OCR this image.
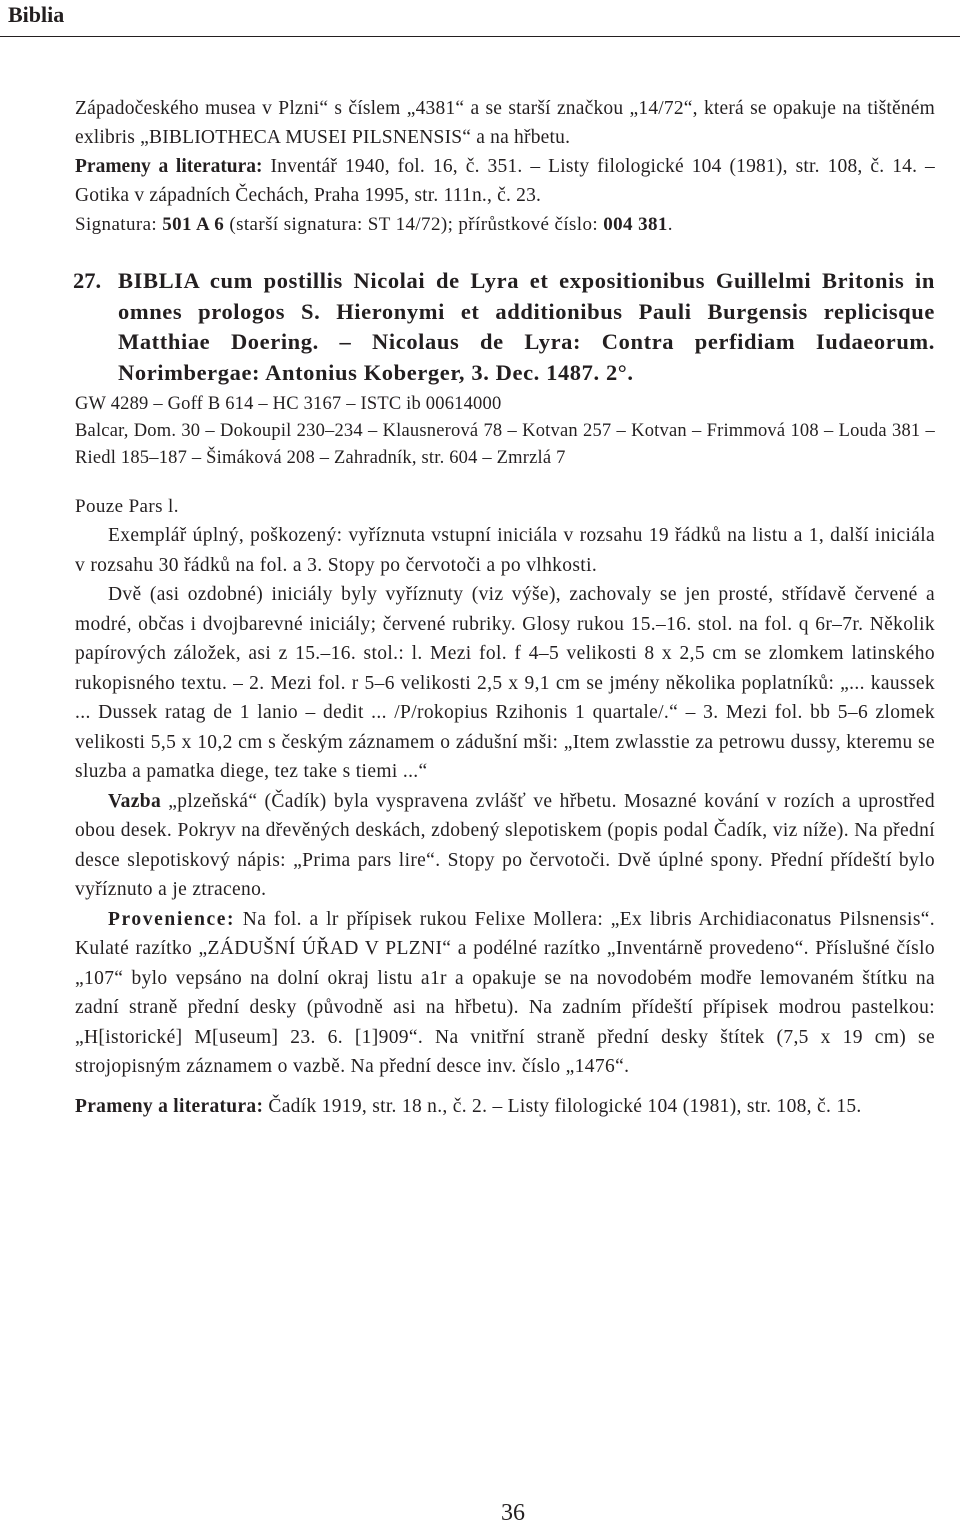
Biblia

Západočeského musea v Plzni“ s číslem „4381“ a se starší značkou „14/72“, která se opakuje na tištěném exlibris „BIBLIOTHECA MUSEI PILSNENSIS“ a na hřbetu.

Prameny a literatura: Inventář 1940, fol. 16, č. 351. – Listy filologické 104 (1981), str. 108, č. 14. – Gotika v západních Čechách, Praha 1995, str. 111n., č. 23.

Signatura: 501 A 6 (starší signatura: ST 14/72); přírůstkové číslo: 004 381.

27. BIBLIA cum postillis Nicolai de Lyra et expositionibus Guillelmi Britonis in omnes prologos S. Hieronymi et additionibus Pauli Burgensis replicisque Matthiae Doering. – Nicolaus de Lyra: Contra perfidiam Iudaeorum. Norimbergae: Antonius Koberger, 3. Dec. 1487. 2°.

GW 4289 – Goff B 614 – HC 3167 – ISTC ib 00614000

Balcar, Dom. 30 – Dokoupil 230–234 – Klausnerová 78 – Kotvan 257 – Kotvan – Frimmová 108 – Louda 381 – Riedl 185–187 – Šimáková 208 – Zahradník, str. 604 – Zmrzlá 7

Pouze Pars l.

Exemplář úplný, poškozený: vyříznuta vstupní iniciála v rozsahu 19 řádků na listu a 1, další iniciála v rozsahu 30 řádků na fol. a 3. Stopy po červotoči a po vlhkosti.

Dvě (asi ozdobné) iniciály byly vyříznuty (viz výše), zachovaly se jen prosté, střídavě červené a modré, občas i dvojbarevné iniciály; červené rubriky. Glosy rukou 15.–16. stol. na fol. q 6r–7r. Několik papírových záložek, asi z 15.–16. stol.: l. Mezi fol. f 4–5 velikosti 8 x 2,5 cm se zlomkem latinského rukopisného textu. – 2. Mezi fol. r 5–6 velikosti 2,5 x 9,1 cm se jmény několika poplatníků: „... kaussek ... Dussek ratag de 1 lanio – dedit ... /P/rokopius Rzihonis 1 quartale/.“ – 3. Mezi fol. bb 5–6 zlomek velikosti 5,5 x 10,2 cm s českým záznamem o zádušní mši: „Item zwlasstie za petrowu dussy, kteremu se sluzba a pamatka diege, tez take s tiemi ...“

Vazba „plzeňská“ (Čadík) byla vyspravena zvlášť ve hřbetu. Mosazné kování v rozích a uprostřed obou desek. Pokryv na dřevěných deskách, zdobený slepotiskem (popis podal Čadík, viz níže). Na přední desce slepotiskový nápis: „Prima pars lire“. Stopy po červotoči. Dvě úplné spony. Přední přídeští bylo vyříznuto a je ztraceno.

Provenience: Na fol. a lr přípisek rukou Felixe Mollera: „Ex libris Archidiaconatus Pilsnensis“. Kulaté razítko „ZÁDUŠNÍ ÚŘAD V PLZNI“ a podélné razítko „Inventárně provedeno“. Příslušné číslo „107“ bylo vepsáno na dolní okraj listu a1r a opakuje se na novodobém modře lemovaném štítku na zadní straně přední desky (původně asi na hřbetu). Na zadním přídeští přípisek modrou pastelkou: „H[istorické] M[useum] 23. 6. [1]909“. Na vnitřní straně přední desky štítek (7,5 x 19 cm) se strojopisným záznamem o vazbě. Na přední desce inv. číslo „1476“.

Prameny a literatura: Čadík 1919, str. 18 n., č. 2. – Listy filologické 104 (1981), str. 108, č. 15.

36
